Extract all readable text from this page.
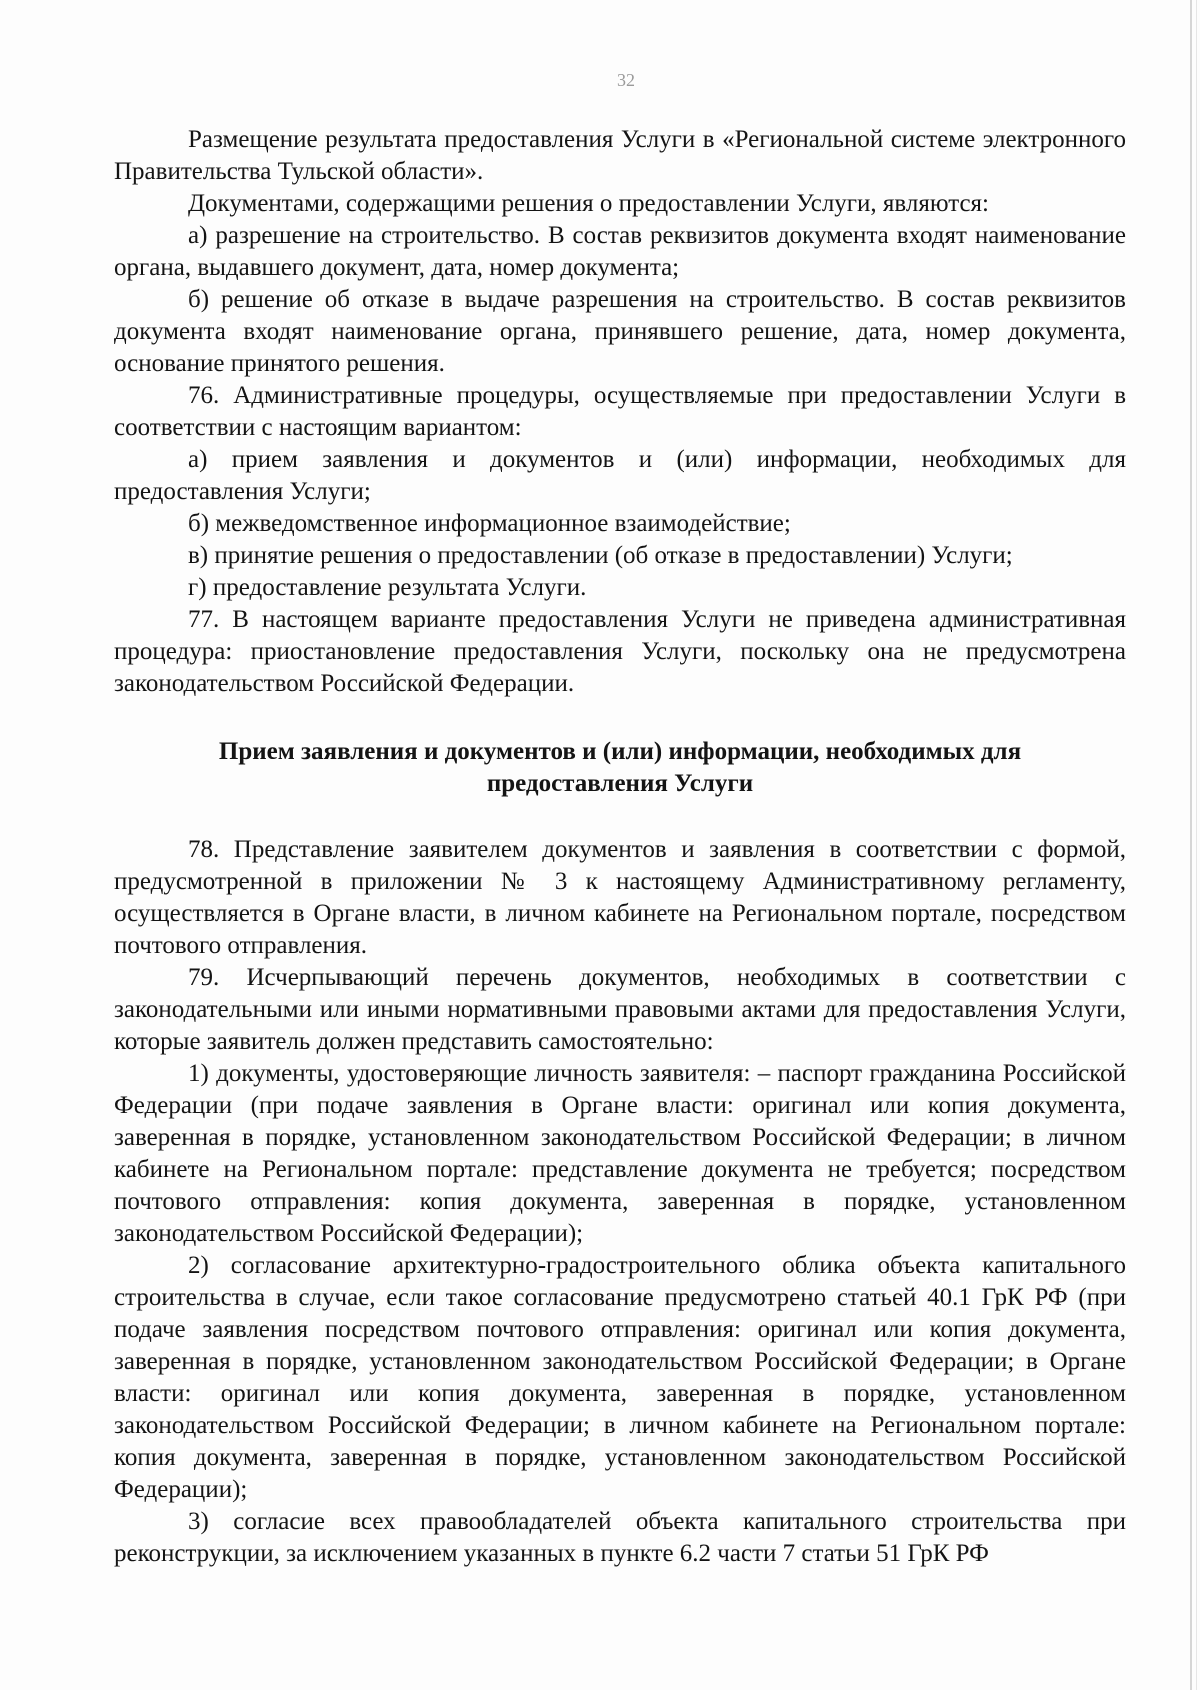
32

Размещение результата предоставления Услуги в «Региональной системе электронного Правительства Тульской области».

Документами, содержащими решения о предоставлении Услуги, являются:

а) разрешение на строительство. В состав реквизитов документа входят наименование органа, выдавшего документ, дата, номер документа;

б) решение об отказе в выдаче разрешения на строительство. В состав реквизитов документа входят наименование органа, принявшего решение, дата, номер документа, основание принятого решения.

76. Административные процедуры, осуществляемые при предоставлении Услуги в соответствии с настоящим вариантом:

а) прием заявления и документов и (или) информации, необходимых для предоставления Услуги;

б) межведомственное информационное взаимодействие;

в) принятие решения о предоставлении (об отказе в предоставлении) Услуги;

г) предоставление результата Услуги.

77. В настоящем варианте предоставления Услуги не приведена административная процедура: приостановление предоставления Услуги, поскольку она не предусмотрена законодательством Российской Федерации.

Прием заявления и документов и (или) информации, необходимых для
предоставления Услуги

78. Представление заявителем документов и заявления в соответствии с формой, предусмотренной в приложении № 3 к настоящему Административному регламенту, осуществляется в Органе власти, в личном кабинете на Региональном портале, посредством почтового отправления.

79. Исчерпывающий перечень документов, необходимых в соответствии с законодательными или иными нормативными правовыми актами для предоставления Услуги, которые заявитель должен представить самостоятельно:

1) документы, удостоверяющие личность заявителя: – паспорт гражданина Российской Федерации (при подаче заявления в Органе власти: оригинал или копия документа, заверенная в порядке, установленном законодательством Российской Федерации; в личном кабинете на Региональном портале: представление документа не требуется; посредством почтового отправления: копия документа, заверенная в порядке, установленном законодательством Российской Федерации);

2) согласование архитектурно-градостроительного облика объекта капитального строительства в случае, если такое согласование предусмотрено статьей 40.1 ГрК РФ (при подаче заявления посредством почтового отправления: оригинал или копия документа, заверенная в порядке, установленном законодательством Российской Федерации; в Органе власти: оригинал или копия документа, заверенная в порядке, установленном законодательством Российской Федерации; в личном кабинете на Региональном портале: копия документа, заверенная в порядке, установленном законодательством Российской Федерации);

3) согласие всех правообладателей объекта капитального строительства при реконструкции, за исключением указанных в пункте 6.2 части 7 статьи 51 ГрК РФ
